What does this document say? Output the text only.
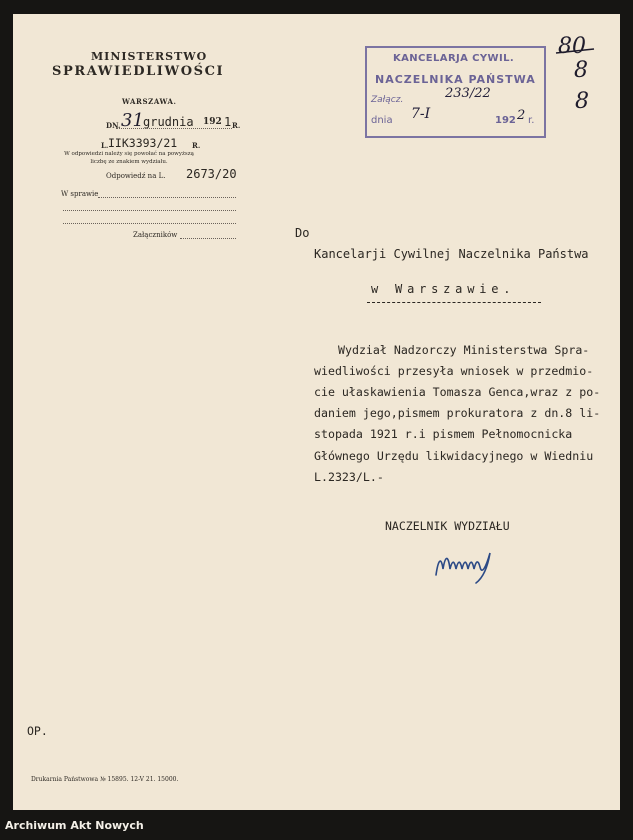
MINISTERSTWO
SPRAWIEDLIWOŚCI
WARSZAWA.
DN. 31 grudnia 192 1 R.
L. IIK3393/21 R.
W odpowiedzi należy się powołać na powyższą liczbę ze znakiem wydziału.
Odpowiedź na L. 2673/20
W sprawie
Załączników
KANCELARJA CYWIL.
NACZELNIKA PAŃSTWA
Załącz.	233/22
dnia 7-I	192 2 r.
80
8
8
Do
Kancelarji Cywilnej Naczelnika Państwa
w Warszawie.
Wydział Nadzorczy Ministerstwa Spra-
wiedliwości przesyła wniosek w przedmio-
cie ułaskawienia Tomasza Genca,wraz z po-
daniem jego,pismem prokuratora z dn.8 li-
stopada 1921 r.i pismem Pełnomocnicka
Głównego Urzędu likwidacyjnego w Wiedniu
L.2323/L.-
NACZELNIK WYDZIAŁU
OP.
Drukarnia Państwowa № 15895. 12-V 21. 15000.
Archiwum Akt Nowych
